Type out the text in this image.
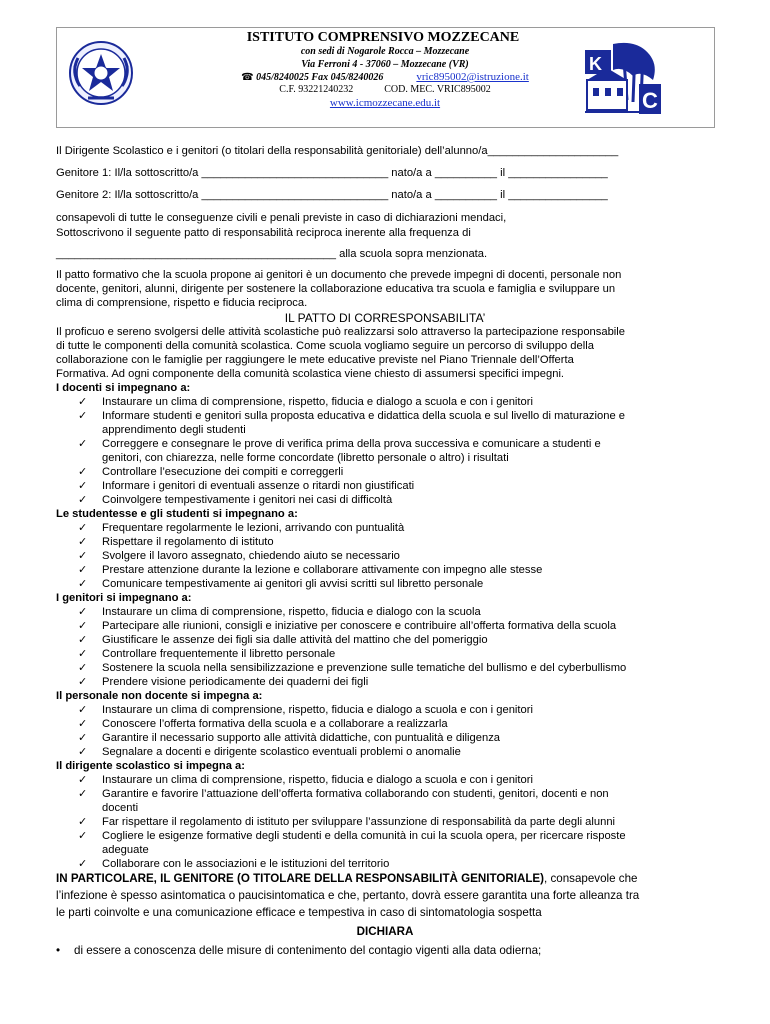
K
C
ISTITUTO COMPRENSIVO MOZZECANE
con sedi di Nogarole Rocca – Mozzecane
Via Ferroni 4 - 37060 – Mozzecane (VR)
☎ 045/8240025 Fax 045/8240026	vric895002@istruzione.it
C.F. 93221240232	COD. MEC. VRIC895002
www.icmozzecane.edu.it
Il Dirigente Scolastico e i genitori (o titolari della responsabilità genitoriale) dell’alunno/a_____________________
Genitore 1: Il/la sottoscritto/a ______________________________ nato/a a __________ il ________________
Genitore 2: Il/la sottoscritto/a ______________________________ nato/a a __________ il ________________
consapevoli di tutte le conseguenze civili e penali previste in caso di dichiarazioni mendaci,
Sottoscrivono il seguente patto di responsabilità reciproca inerente alla frequenza di
_____________________________________________ alla scuola sopra menzionata.
Il patto formativo che la scuola propone ai genitori è un documento che prevede impegni di docenti, personale non
docente, genitori, alunni, dirigente per sostenere la collaborazione educativa tra scuola e famiglia e sviluppare un
clima di comprensione, rispetto e fiducia reciproca.
IL PATTO DI CORRESPONSABILITA’
Il proficuo e sereno svolgersi delle attività scolastiche può realizzarsi solo attraverso la partecipazione responsabile
di tutte le componenti della comunità scolastica. Come scuola vogliamo seguire un percorso di sviluppo della
collaborazione con le famiglie per raggiungere le mete educative previste nel Piano Triennale dell’Offerta
Formativa. Ad ogni componente della comunità scolastica viene chiesto di assumersi specifici impegni.
I docenti si impegnano a:
✓ Instaurare un clima di comprensione, rispetto, fiducia e dialogo a scuola e con i genitori
✓ Informare studenti e genitori sulla proposta educativa e didattica della scuola e sul livello di maturazione e
apprendimento degli studenti
✓ Correggere e consegnare le prove di verifica prima della prova successiva e comunicare a studenti e
genitori, con chiarezza, nelle forme concordate (libretto personale o altro) i risultati
✓ Controllare l’esecuzione dei compiti e correggerli
✓ Informare i genitori di eventuali assenze o ritardi non giustificati
✓ Coinvolgere tempestivamente i genitori nei casi di difficoltà
Le studentesse e gli studenti si impegnano a:
✓ Frequentare regolarmente le lezioni, arrivando con puntualità
✓ Rispettare il regolamento di istituto
✓ Svolgere il lavoro assegnato, chiedendo aiuto se necessario
✓ Prestare attenzione durante la lezione e collaborare attivamente con impegno alle stesse
✓ Comunicare tempestivamente ai genitori gli avvisi scritti sul libretto personale
I genitori si impegnano a:
✓ Instaurare un clima di comprensione, rispetto, fiducia e dialogo con la scuola
✓ Partecipare alle riunioni, consigli e iniziative per conoscere e contribuire all’offerta formativa della scuola
✓ Giustificare le assenze dei figli sia dalle attività del mattino che del pomeriggio
✓ Controllare frequentemente il libretto personale
✓ Sostenere la scuola nella sensibilizzazione e prevenzione sulle tematiche del bullismo e del cyberbullismo
✓ Prendere visione periodicamente dei quaderni dei figli
Il personale non docente si impegna a:
✓ Instaurare un clima di comprensione, rispetto, fiducia e dialogo a scuola e con i genitori
✓ Conoscere l’offerta formativa della scuola e a collaborare a realizzarla
✓ Garantire il necessario supporto alle attività didattiche, con puntualità e diligenza
✓ Segnalare a docenti e dirigente scolastico eventuali problemi o anomalie
Il dirigente scolastico si impegna a:
✓ Instaurare un clima di comprensione, rispetto, fiducia e dialogo a scuola e con i genitori
✓ Garantire e favorire l’attuazione dell’offerta formativa collaborando con studenti, genitori, docenti e non
docenti
✓ Far rispettare il regolamento di istituto per sviluppare l’assunzione di responsabilità da parte degli alunni
✓ Cogliere le esigenze formative degli studenti e della comunità in cui la scuola opera, per ricercare risposte
adeguate
✓ Collaborare con le associazioni e le istituzioni del territorio
IN PARTICOLARE, IL GENITORE (O TITOLARE DELLA RESPONSABILITÀ GENITORIALE), consapevole che
l’infezione è spesso asintomatica o paucisintomatica e che, pertanto, dovrà essere garantita una forte alleanza tra
le parti coinvolte e una comunicazione efficace e tempestiva in caso di sintomatologia sospetta
DICHIARA
• di essere a conoscenza delle misure di contenimento del contagio vigenti alla data odierna;
